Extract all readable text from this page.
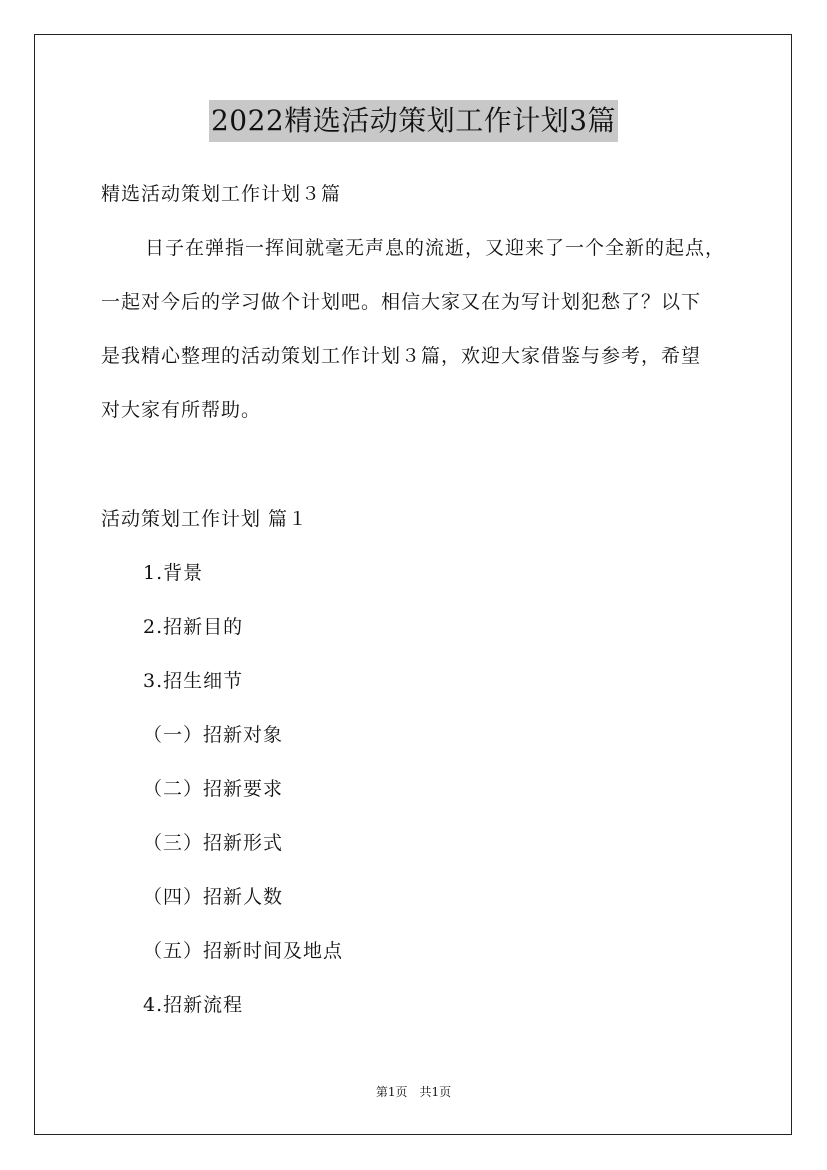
2022精选活动策划工作计划3篇
精选活动策划工作计划３篇
日子在弹指一挥间就毫无声息的流逝，又迎来了一个全新的起点，
一起对今后的学习做个计划吧。相信大家又在为写计划犯愁了？以下
是我精心整理的活动策划工作计划３篇，欢迎大家借鉴与参考，希望
对大家有所帮助。
活动策划工作计划 篇１
1.背景
2.招新目的
3.招生细节
（一）招新对象
（二）招新要求
（三）招新形式
（四）招新人数
（五）招新时间及地点
4.招新流程
第1页　共1页
